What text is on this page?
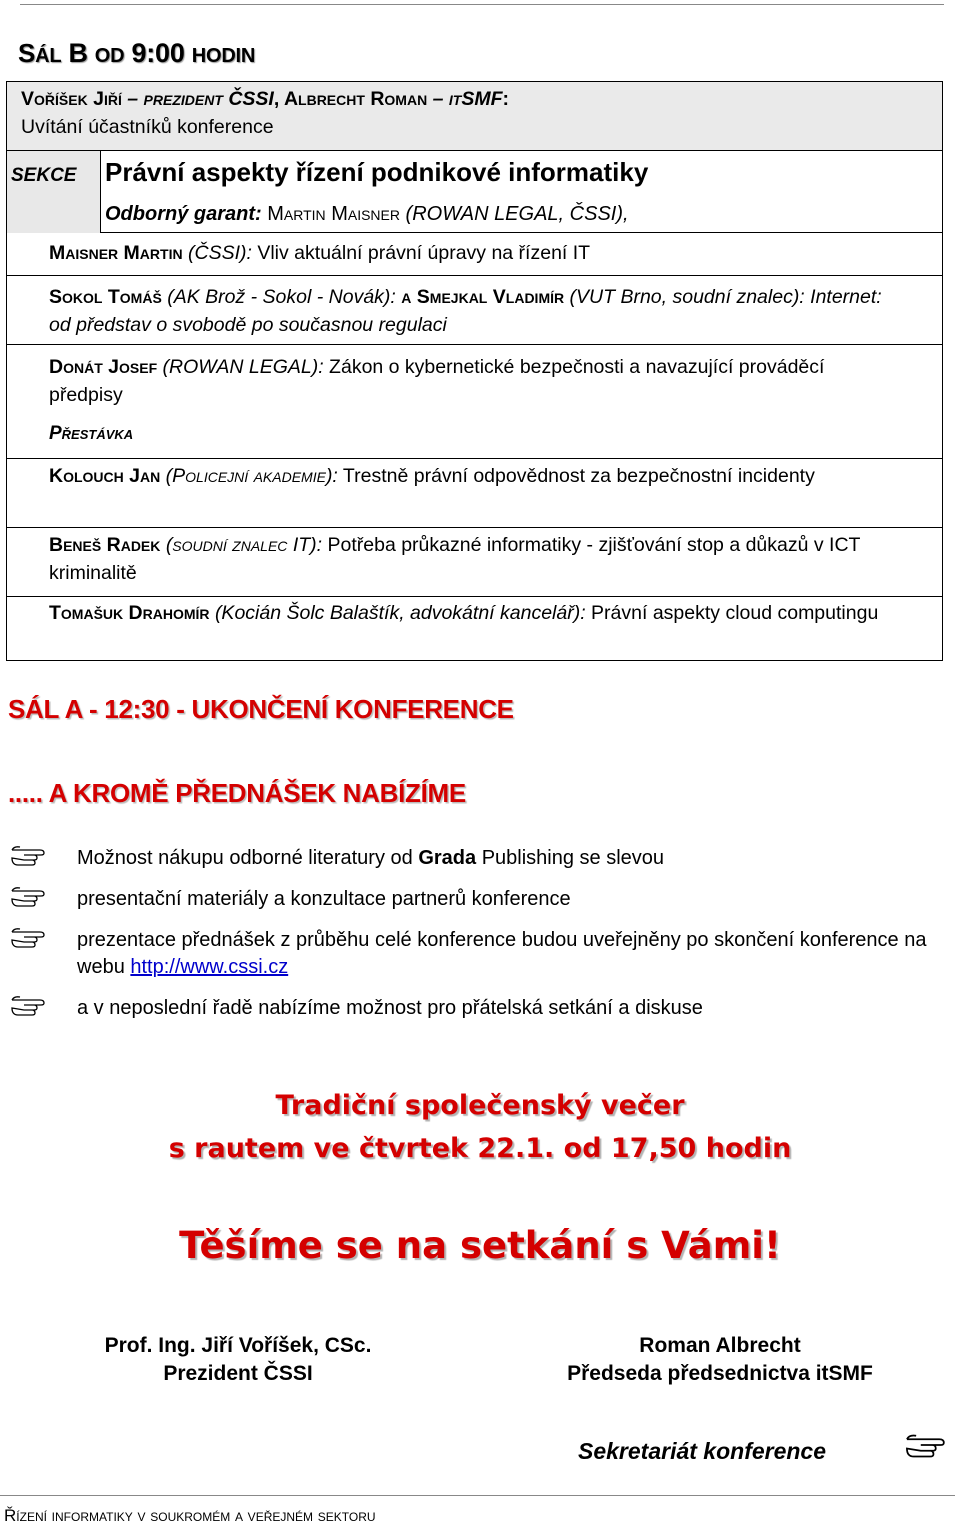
SÁL B OD 9:00 HODIN
Voříšek Jiří – prezident ČSSI, Albrecht Roman – itSMF:
Uvítání účastníků konference
SEKCE Právní aspekty řízení podnikové informatiky
Odborný garant: Martin Maisner (ROWAN LEGAL, ČSSI),
Maisner Martin (ČSSI): Vliv aktuální právní úpravy na řízení IT
Sokol Tomáš (AK Brož - Sokol - Novák): a Smejkal Vladimír (VUT Brno, soudní znalec): Internet: od představ o svobodě po současnou regulaci
Donát Josef (ROWAN LEGAL): Zákon o kybernetické bezpečnosti a navazující prováděcí předpisy
Přestávka
Kolouch Jan (Policejní akademie): Trestně právní odpovědnost za bezpečnostní incidenty
Beneš Radek (soudní znalec IT): Potřeba průkazné informatiky - zjišťování stop a důkazů v ICT kriminalitě
Tomašuk Drahomír (Kocián Šolc Balaštík, advokátní kancelář): Právní aspekty cloud computingu
SÁL A - 12:30 - UKONČENÍ KONFERENCE
..... A KROMĚ PŘEDNÁŠEK NABÍZÍME
Možnost nákupu odborné literatury od Grada Publishing se slevou
presentační materiály a konzultace partnerů konference
prezentace přednášek z průběhu celé konference budou uveřejněny po skončení konference na webu http://www.cssi.cz
a v neposlední řadě nabízíme možnost pro přátelská setkání a diskuse
Tradiční společenský večer
s rautem ve čtvrtek 22.1. od 17,50 hodin
Těšíme se na setkání s Vámi!
Prof. Ing. Jiří Voříšek, CSc.
Prezident ČSSI
Roman Albrecht
Předseda předsednictva itSMF
Sekretariát konference
Řízení informatiky v soukromém a veřejném sektoru
